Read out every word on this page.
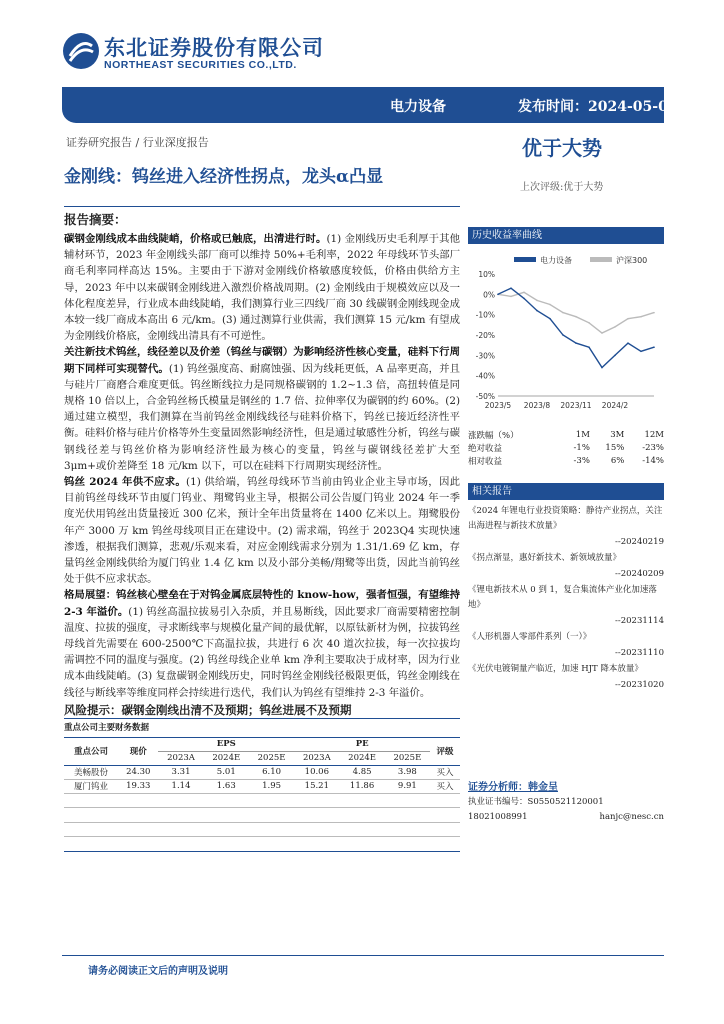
东北证券股份有限公司
NORTHEAST SECURITIES CO.,LTD.
电力设备	发布时间：2024-05-09
证券研究报告 / 行业深度报告	优于大势
金刚线：钨丝进入经济性拐点，龙头α凸显
上次评级:优于大势
报告摘要：

碳钢金刚线成本曲线陡峭，价格或已触底，出清进行时。(1) 金刚线历史毛利厚于其他辅材环节，2023 年金刚线头部厂商可以维持 50%+毛利率，2022 年母线环节头部厂商毛利率同样高达 15%。主要由于下游对金刚线价格敏感度较低，价格由供给方主导，2023 年中以来碳钢金刚线进入激烈价格战周期。(2) 金刚线由于规模效应以及一体化程度差异，行业成本曲线陡峭，我们测算行业三四线厂商 30 线碳钢金刚线现金成本较一线厂商成本高出 6 元/km。(3) 通过测算行业供需，我们测算 15 元/km 有望成为金刚线价格底，金刚线出清具有不可逆性。

关注新技术钨丝，线径差以及价差（钨丝与碳钢）为影响经济性核心变量，硅料下行周期下同样可实现替代。(1) 钨丝强度高、耐腐蚀强、因为线耗更低，A 品率更高，并且与硅片厂商磨合难度更低。钨丝断线拉力是同规格碳钢的 1.2~1.3 倍，高扭转值是同规格 10 倍以上，合金钨丝杨氏模量是钢丝的 1.7 倍、拉伸率仅为碳钢的约 60%。(2) 通过建立模型，我们测算在当前钨丝金刚线线径与硅料价格下，钨丝已接近经济性平衡。硅料价格与硅片价格等外生变量固然影响经济性，但是通过敏感性分析，钨丝与碳钢线径差与钨丝价格为影响经济性最为核心的变量，钨丝与碳钢线径差扩大至 3μm+或价差降至 18 元/km 以下，可以在硅料下行周期实现经济性。

钨丝 2024 年供不应求。(1) 供给端，钨丝母线环节当前由钨业企业主导市场，因此目前钨丝母线环节由厦门钨业、翔鹭钨业主导，根据公司公告厦门钨业 2024 年一季度光伏用钨丝出货量接近 300 亿米，预计全年出货量将在 1400 亿米以上。翔鹭股份年产 3000 万 km 钨丝母线项目正在建设中。(2) 需求端，钨丝于 2023Q4 实现快速渗透，根据我们测算，悲观/乐观来看，对应金刚线需求分别为 1.31/1.69 亿 km，存量钨丝金刚线供给为厦门钨业 1.4 亿 km 以及小部分美畅/翔鹭等出货，因此当前钨丝处于供不应求状态。

格局展望：钨丝核心壁垒在于对钨金属底层特性的 know-how，强者恒强，有望维持 2-3 年溢价。(1) 钨丝高温拉拔易引入杂质，并且易断线，因此要求厂商需要精密控制温度、拉拔的强度，寻求断线率与规模化量产间的最优解，以原钛新材为例，拉拔钨丝母线首先需要在 600-2500℃下高温拉拔，共进行 6 次 40 道次拉拔，每一次拉拔均需调控不同的温度与强度。(2) 钨丝母线企业单 km 净利主要取决于成材率，因为行业成本曲线陡峭。(3) 复盘碳钢金刚线历史，同时钨丝金刚线径极限更低，钨丝金刚线在线径与断线率等维度同样会持续进行迭代，我们认为钨丝有望维持 2-3 年溢价。

风险提示：碳钢金刚线出清不及预期；钨丝进展不及预期
重点公司主要财务数据
重点公司	现价	EPS			PE			评级
		2023A	2024E	2025E	2023A	2024E	2025E	
美畅股份	24.30	3.31	5.01	6.10	10.06	4.85	3.98	买入
厦门钨业	19.33	1.14	1.63	1.95	15.21	11.86	9.91	买入

历史收益率曲线
电力设备	沪深300
10%
0%
-10%
-20%
-30%
-40%
-50%
2023/5 2023/8 2023/11 2024/2
涨跌幅（%）	1M	3M	12M
绝对收益	-1%	15%	-23%
相对收益	-3%	6%	-14%
相关报告
《2024 年锂电行业投资策略：静待产业拐点，关注出海进程与新技术放量》
--20240219
《拐点渐显，惠好新技术、新领域放量》
--20240209
《锂电新技术从 0 到 1，复合集流体产业化加速落地》
--20231114
《人形机器人零部件系列（一）》
--20231110
《光伏电镀铜量产临近，加速 HJT 降本放量》
--20231020
证券分析师：韩金呈
执业证书编号：S0550521120001
18021008991	hanjc@nesc.cn
请务必阅读正文后的声明及说明
